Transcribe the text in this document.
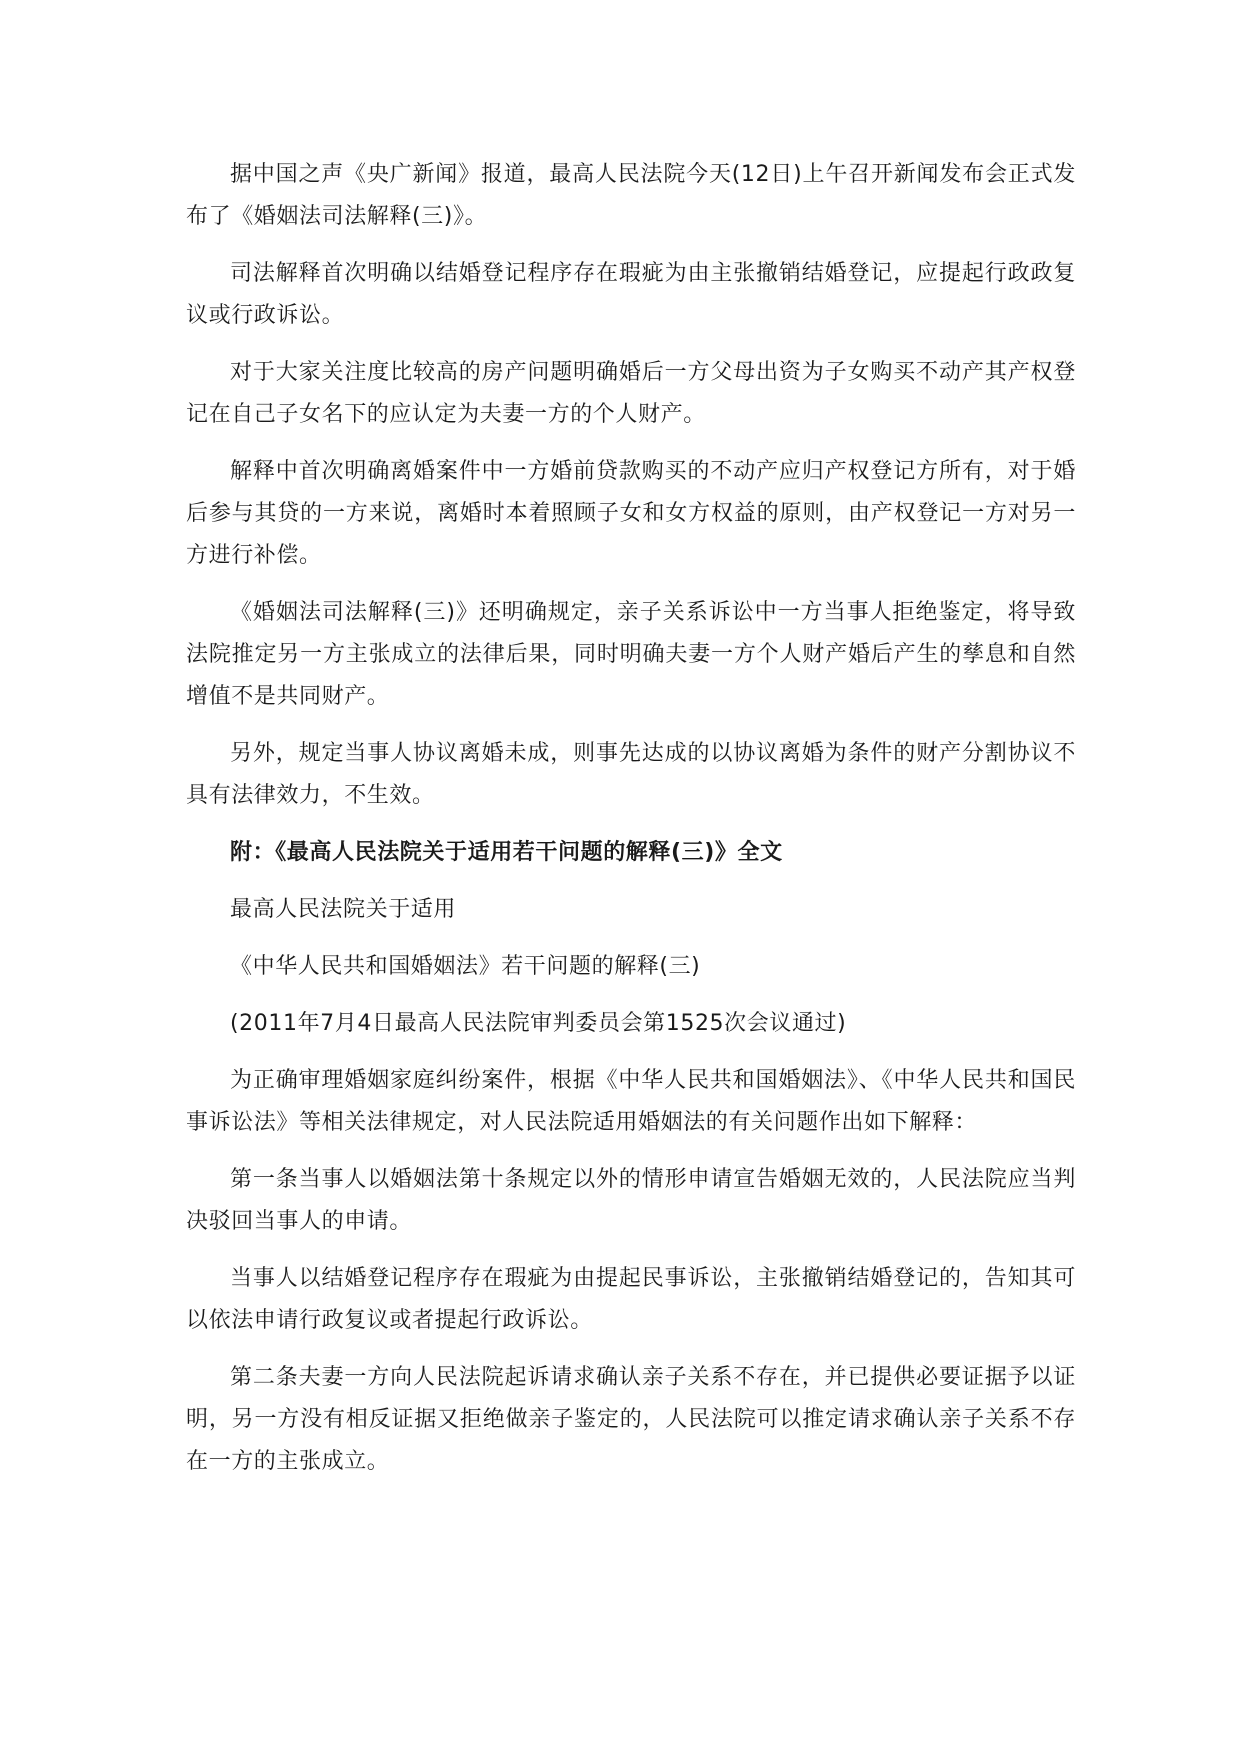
据中国之声《央广新闻》报道，最高人民法院今天(12日)上午召开新闻发布会正式发布了《婚姻法司法解释(三)》。

司法解释首次明确以结婚登记程序存在瑕疵为由主张撤销结婚登记，应提起行政政复议或行政诉讼。

对于大家关注度比较高的房产问题明确婚后一方父母出资为子女购买不动产其产权登记在自己子女名下的应认定为夫妻一方的个人财产。

解释中首次明确离婚案件中一方婚前贷款购买的不动产应归产权登记方所有，对于婚后参与其贷的一方来说，离婚时本着照顾子女和女方权益的原则，由产权登记一方对另一方进行补偿。

《婚姻法司法解释(三)》还明确规定，亲子关系诉讼中一方当事人拒绝鉴定，将导致法院推定另一方主张成立的法律后果，同时明确夫妻一方个人财产婚后产生的孳息和自然增值不是共同财产。

另外，规定当事人协议离婚未成，则事先达成的以协议离婚为条件的财产分割协议不具有法律效力，不生效。

附：《最高人民法院关于适用若干问题的解释(三)》全文

最高人民法院关于适用

《中华人民共和国婚姻法》若干问题的解释(三)

(2011年7月4日最高人民法院审判委员会第1525次会议通过)

为正确审理婚姻家庭纠纷案件，根据《中华人民共和国婚姻法》、《中华人民共和国民事诉讼法》等相关法律规定，对人民法院适用婚姻法的有关问题作出如下解释：

第一条当事人以婚姻法第十条规定以外的情形申请宣告婚姻无效的，人民法院应当判决驳回当事人的申请。

当事人以结婚登记程序存在瑕疵为由提起民事诉讼，主张撤销结婚登记的，告知其可以依法申请行政复议或者提起行政诉讼。

第二条夫妻一方向人民法院起诉请求确认亲子关系不存在，并已提供必要证据予以证明，另一方没有相反证据又拒绝做亲子鉴定的，人民法院可以推定请求确认亲子关系不存在一方的主张成立。
